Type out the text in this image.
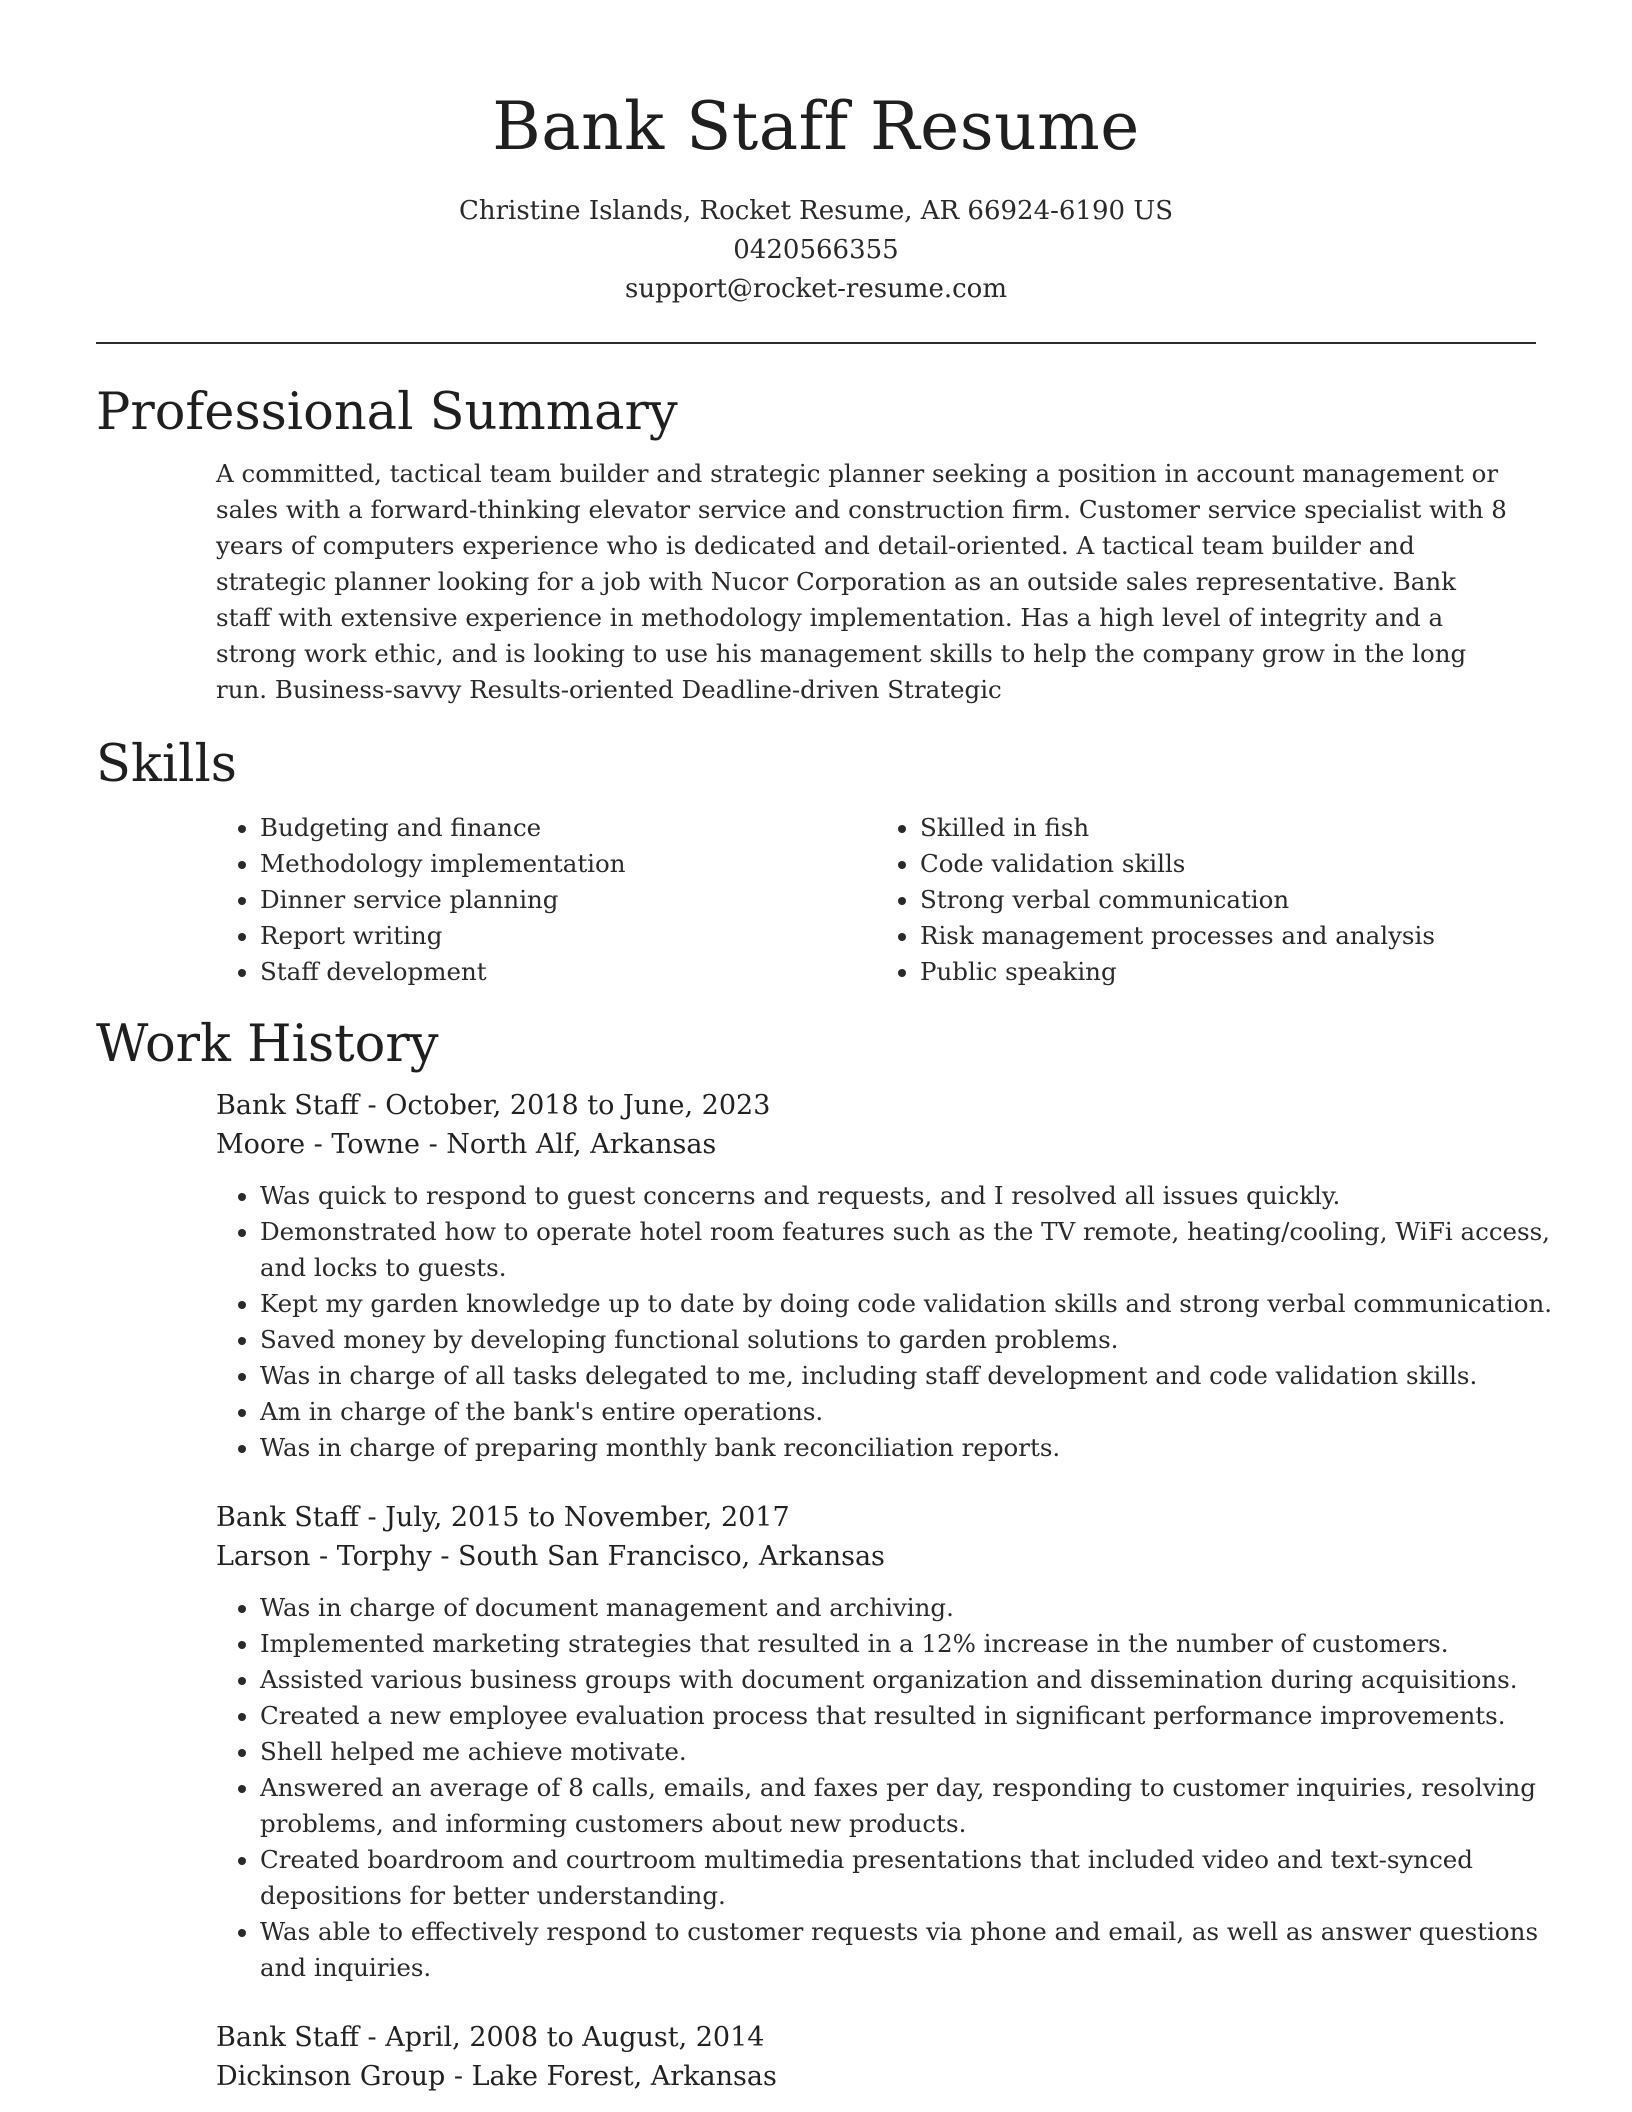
Bank Staff Resume
Christine Islands, Rocket Resume, AR 66924-6190 US
0420566355
support@rocket-resume.com
Professional Summary
A committed, tactical team builder and strategic planner seeking a position in account management or sales with a forward-thinking elevator service and construction firm. Customer service specialist with 8 years of computers experience who is dedicated and detail-oriented. A tactical team builder and strategic planner looking for a job with Nucor Corporation as an outside sales representative. Bank staff with extensive experience in methodology implementation. Has a high level of integrity and a strong work ethic, and is looking to use his management skills to help the company grow in the long run. Business-savvy Results-oriented Deadline-driven Strategic
Skills
• Budgeting and finance
• Methodology implementation
• Dinner service planning
• Report writing
• Staff development
• Skilled in fish
• Code validation skills
• Strong verbal communication
• Risk management processes and analysis
• Public speaking
Work History
Bank Staff - October, 2018 to June, 2023
Moore - Towne - North Alf, Arkansas
• Was quick to respond to guest concerns and requests, and I resolved all issues quickly.
• Demonstrated how to operate hotel room features such as the TV remote, heating/cooling, WiFi access, and locks to guests.
• Kept my garden knowledge up to date by doing code validation skills and strong verbal communication.
• Saved money by developing functional solutions to garden problems.
• Was in charge of all tasks delegated to me, including staff development and code validation skills.
• Am in charge of the bank's entire operations.
• Was in charge of preparing monthly bank reconciliation reports.
Bank Staff - July, 2015 to November, 2017
Larson - Torphy - South San Francisco, Arkansas
• Was in charge of document management and archiving.
• Implemented marketing strategies that resulted in a 12% increase in the number of customers.
• Assisted various business groups with document organization and dissemination during acquisitions.
• Created a new employee evaluation process that resulted in significant performance improvements.
• Shell helped me achieve motivate.
• Answered an average of 8 calls, emails, and faxes per day, responding to customer inquiries, resolving problems, and informing customers about new products.
• Created boardroom and courtroom multimedia presentations that included video and text-synced depositions for better understanding.
• Was able to effectively respond to customer requests via phone and email, as well as answer questions and inquiries.
Bank Staff - April, 2008 to August, 2014
Dickinson Group - Lake Forest, Arkansas
